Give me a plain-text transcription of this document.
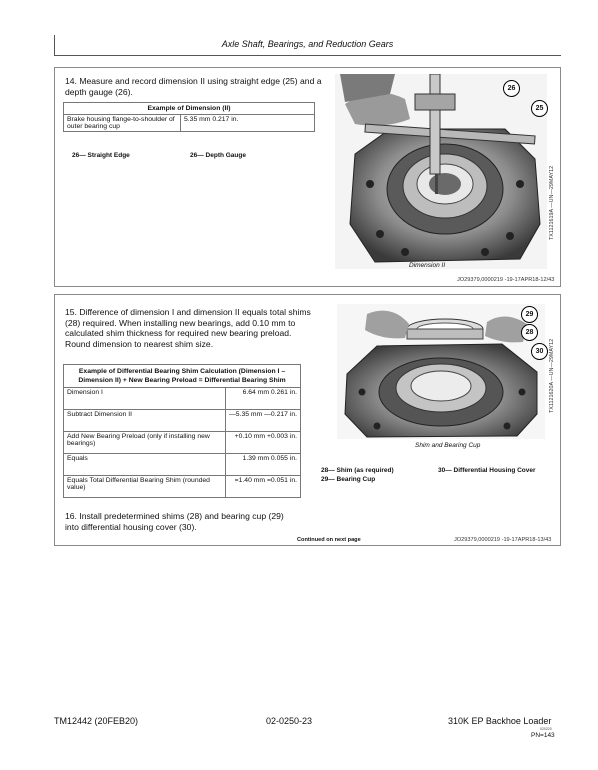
Axle Shaft, Bearings, and Reduction Gears
14. Measure and record dimension II using straight edge (25) and a depth gauge (26).
Example of Dimension (II)
Brake housing flange-to-shoulder of outer bearing cup	5.35 mm 0.217 in.
26— Straight Edge	26— Depth Gauge
26
25
TX1121619A —UN—29MAY12
Dimension II
JO29379,0000219 -19-17APR18-12/43
15. Difference of dimension I and dimension II equals total shims (28) required. When installing new bearings, add 0.10 mm to calculated shim thickness for required new bearing preload. Round dimension to nearest shim size.
Example of Differential Bearing Shim Calculation (Dimension I – Dimension II) + New Bearing Preload = Differential Bearing Shim	
Dimension I	6.64 mm 0.261 in.
Subtract Dimension II	—5.35 mm —0.217 in.
Add New Bearing Preload (only if installing new bearings)	+0.10 mm +0.003 in.
Equals	1.39 mm 0.055 in.
Equals Total Differential Bearing Shim (rounded value)	=1.40 mm =0.051 in.
16. Install predetermined shims (28) and bearing cup (29) into differential housing cover (30).
Continued on next page
29
28
30	TX1121620A —UN—29MAY12
Shim and Bearing Cup
28— Shim (as required)
29— Bearing Cup
30— Differential Housing Cover
JO29379,0000219 -19-17APR18-13/43
TM12442 (20FEB20)	02-0250-23	310K EP Backhoe Loader
020220
PN=143
